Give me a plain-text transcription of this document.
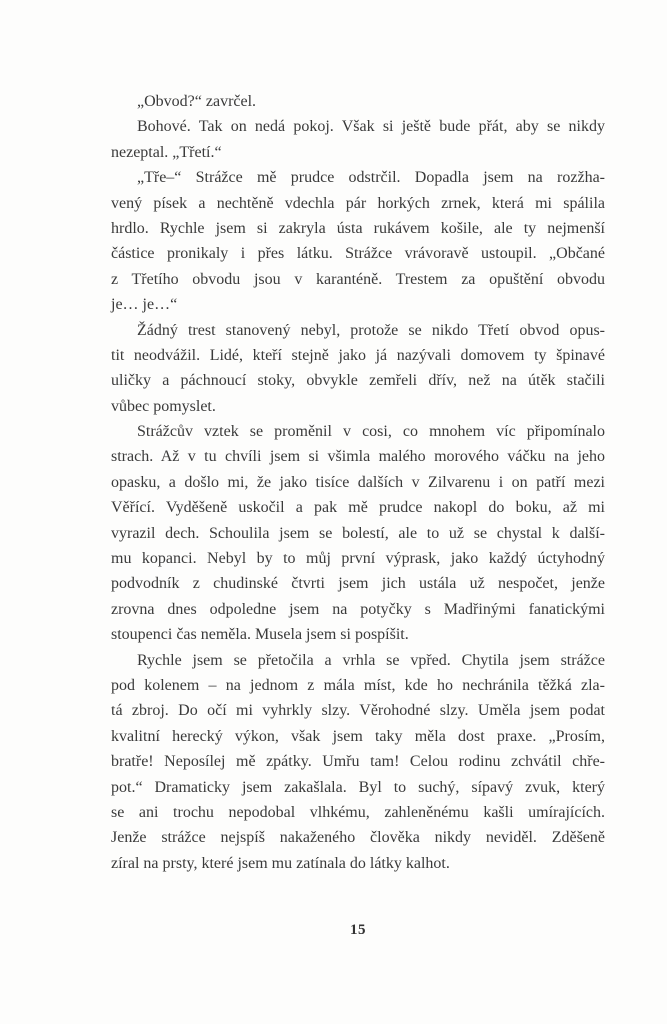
„Obvod?“ zavrčel.
Bohové. Tak on nedá pokoj. Však si ještě bude přát, aby se nikdy
nezeptal. „Třetí.“
„Tře–“ Strážce mě prudce odstrčil. Dopadla jsem na rozžha-
vený písek a nechtěně vdechla pár horkých zrnek, která mi spálila
hrdlo. Rychle jsem si zakryla ústa rukávem košile, ale ty nejmenší
částice pronikaly i přes látku. Strážce vrávoravě ustoupil. „Občané
z Třetího obvodu jsou v karanténě. Trestem za opuštění obvodu
je… je…“
Žádný trest stanovený nebyl, protože se nikdo Třetí obvod opus-
tit neodvážil. Lidé, kteří stejně jako já nazývali domovem ty špinavé
uličky a páchnoucí stoky, obvykle zemřeli dřív, než na útěk stačili
vůbec pomyslet.
Strážcův vztek se proměnil v cosi, co mnohem víc připomínalo
strach. Až v tu chvíli jsem si všimla malého morového váčku na jeho
opasku, a došlo mi, že jako tisíce dalších v Zilvarenu i on patří mezi
Věřící. Vyděšeně uskočil a pak mě prudce nakopl do boku, až mi
vyrazil dech. Schoulila jsem se bolestí, ale to už se chystal k další-
mu kopanci. Nebyl by to můj první výprask, jako každý úctyhodný
podvodník z chudinské čtvrti jsem jich ustála už nespočet, jenže
zrovna dnes odpoledne jsem na potyčky s Madřinými fanatickými
stoupenci čas neměla. Musela jsem si pospíšit.
Rychle jsem se přetočila a vrhla se vpřed. Chytila jsem strážce
pod kolenem – na jednom z mála míst, kde ho nechránila těžká zla-
tá zbroj. Do očí mi vyhrkly slzy. Věrohodné slzy. Uměla jsem podat
kvalitní herecký výkon, však jsem taky měla dost praxe. „Prosím,
bratře! Neposílej mě zpátky. Umřu tam! Celou rodinu zchvátil chře-
pot.“ Dramaticky jsem zakašlala. Byl to suchý, sípavý zvuk, který
se ani trochu nepodobal vlhkému, zahleněnému kašli umírajících.
Jenže strážce nejspíš nakaženého člověka nikdy neviděl. Zděšeně
zíral na prsty, které jsem mu zatínala do látky kalhot.
15
